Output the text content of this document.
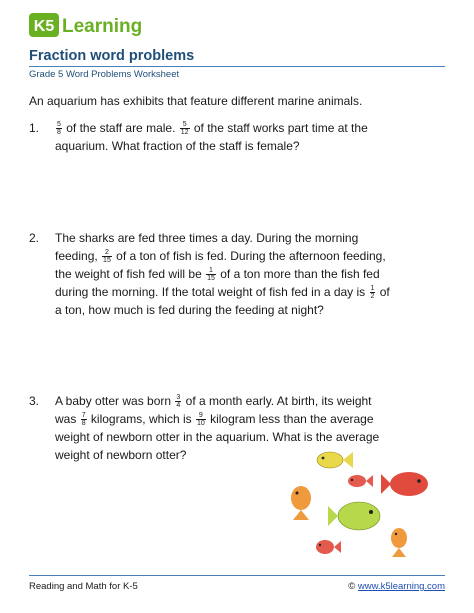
K5 Learning
Fraction word problems
Grade 5 Word Problems Worksheet
An aquarium has exhibits that feature different marine animals.
1. $\frac{5}{8}$ of the staff are male. $\frac{5}{12}$ of the staff works part time at the
aquarium. What fraction of the staff is female?
2. The sharks are fed three times a day. During the morning
feeding, $\frac{2}{15}$ of a ton of fish is fed. During the afternoon feeding,
the weight of fish fed will be $\frac{1}{15}$ of a ton more than the fish fed
during the morning. If the total weight of fish fed in a day is $\frac{1}{2}$ of
a ton, how much is fed during the feeding at night?
3. A baby otter was born $\frac{3}{4}$ of a month early. At birth, its weight
was $\frac{7}{8}$ kilograms, which is $\frac{9}{10}$ kilogram less than the average
weight of newborn otter in the aquarium. What is the average
weight of newborn otter?
Reading and Math for K-5	© www.k5learning.com
